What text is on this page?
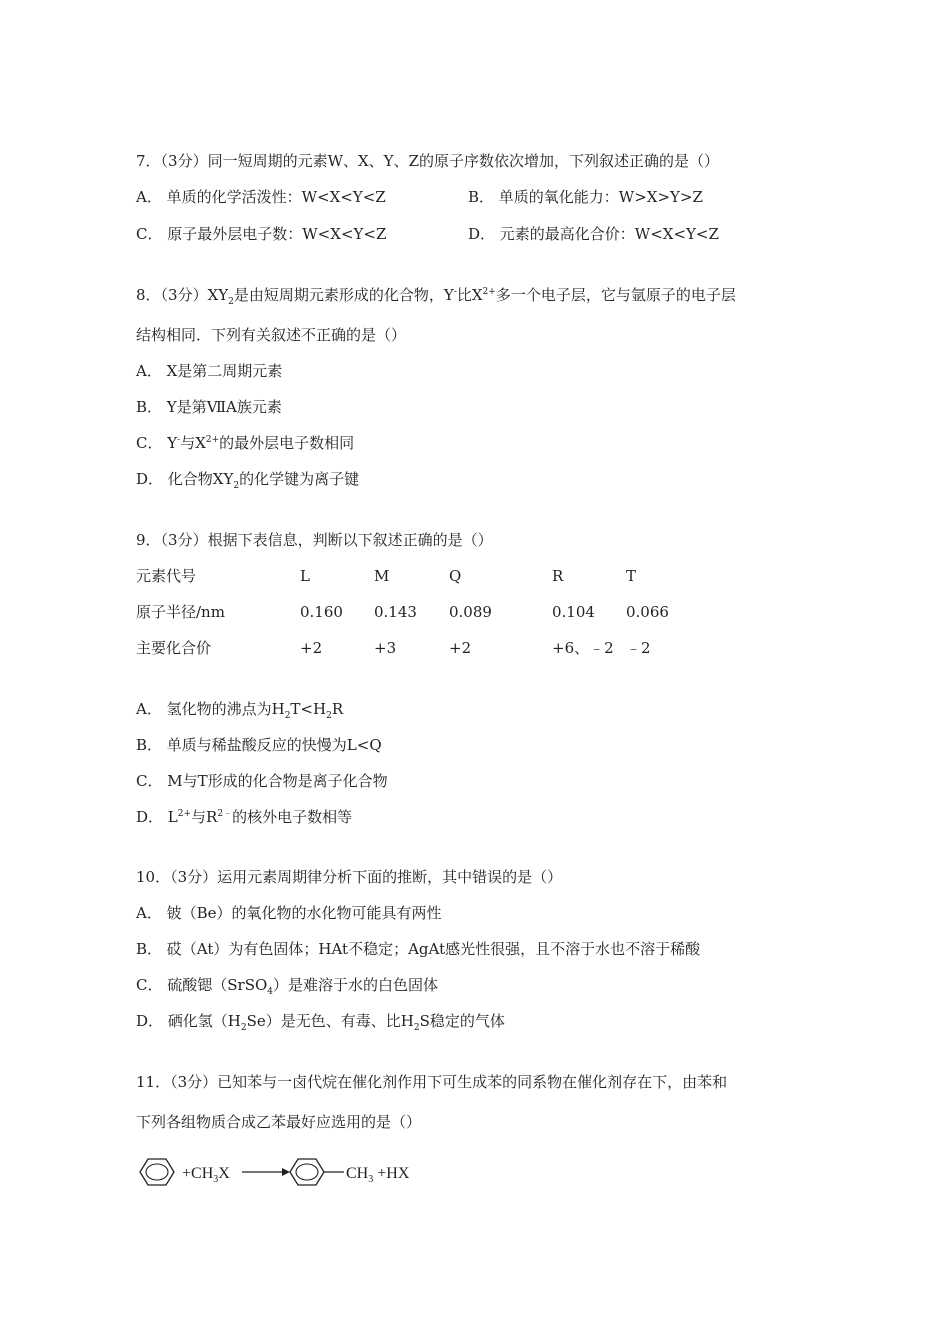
7．（3分）同一短周期的元素W、X、Y、Z的原子序数依次增加，下列叙述正确的是（）
A． 单质的化学活泼性：W<X<Y<Z	B． 单质的氧化能力：W>X>Y>Z
C． 原子最外层电子数：W<X<Y<Z	D． 元素的最高化合价：W<X<Y<Z
8．（3分）$XY_2$是由短周期元素形成的化合物，Y-比$X^{2+}$多一个电子层，它与氩原子的电子层
结构相同．下列有关叙述不正确的是（）
A． X是第二周期元素
B． Y是第ⅦA族元素
C． Y-与$X^{2+}$的最外层电子数相同
D． 化合物$XY_2$的化学键为离子键
9．（3分）根据下表信息，判断以下叙述正确的是（）
元素代号	L	M	Q	R	T
原子半径/nm	0.160 0.143 0.089	0.104 0.066
主要化合价	+2	+3	+2	+6、﹣2 ﹣2
A． 氢化物的沸点为$H_2T<H_2R$
B． 单质与稀盐酸反应的快慢为L<Q
C． M与T形成的化合物是离子化合物
D． $L^{2+}$与$R^{2﹣}$的核外电子数相等
10．（3分）运用元素周期律分析下面的推断，其中错误的是（）
A． 铍（Be）的氧化物的水化物可能具有两性
B． 砹（At）为有色固体；HAt不稳定；AgAt感光性很强，且不溶于水也不溶于稀酸
C． 硫酸锶（SrSO$_4$）是难溶于水的白色固体
D． 硒化氢$(H_2Se)$是无色、有毒、比$H_2S$稳定的气体
11．（3分）已知苯与一卤代烷在催化剂作用下可生成苯的同系物在催化剂存在下，由苯和
下列各组物质合成乙苯最好应选用的是（）
$+CH_3X$	$CH_3 +HX$
